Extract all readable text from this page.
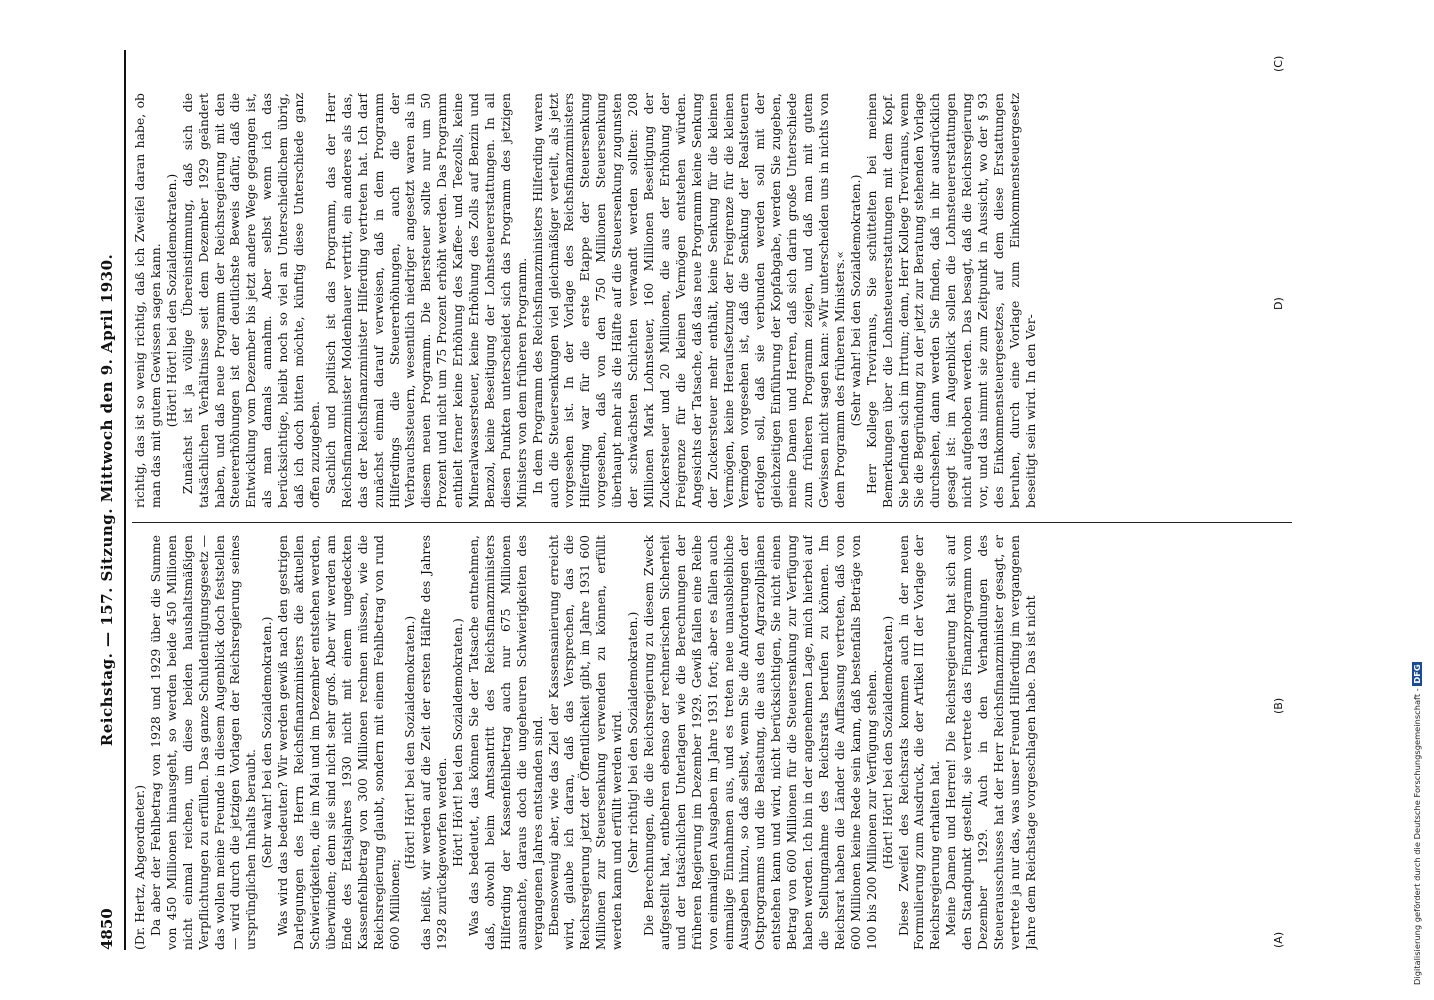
4850
Reichstag. — 157. Sitzung. Mittwoch den 9. April 1930.

(Dr. Hertz, Abgeordneter.) Da aber der Fehlbetrag von 1928 und 1929 über die Summe von 450 Millionen hinausgeht, so werden beide 450 Millionen nicht einmal reichen, um diese beiden haushaltsmäßigen Verpflichtungen zu erfüllen. Das ganze Schuldentilgungsgesetz — das wollen meine Freunde in diesem Augenblick doch feststellen — wird durch die jetzigen Vorlagen der Reichsregierung seines ursprünglichen Inhalts beraubt. (Sehr wahr! bei den Sozialdemokraten.) Was wird das bedeuten? Wir werden gewiß nach den gestrigen Darlegungen des Herrn Reichsfinanzministers die aktuellen Schwierigkeiten, die im Mai und im Dezember entstehen werden, überwinden; denn sie sind nicht sehr groß. Aber wir werden am Ende des Etatsjahres 1930 nicht mit einem ungedeckten Kassenfehlbetrag von 300 Millionen rechnen müssen, wie die Reichsregierung glaubt, sondern mit einem Fehlbetrag von rund 600 Millionen;

(Hört! Hört! bei den Sozialdemokraten.) das heißt, wir werden auf die Zeit der ersten Hälfte des Jahres 1928 zurückgeworfen werden. Hört! Hört! bei den Sozialdemokraten.) Was das bedeutet, das können Sie der Tatsache entnehmen, daß, obwohl beim Amtsantritt des Reichsfinanzministers Hilferding der Kassenfehlbetrag auch nur 675 Millionen ausmachte, daraus doch die ungeheuren Schwierigkeiten des vergangenen Jahres entstanden sind. Ebensowenig aber, wie das Ziel der Kassensanierung erreicht wird, glaube ich daran, daß das Versprechen, das die Reichsregierung jetzt der Öffentlichkeit gibt, im Jahre 1931 600 Millionen zur Steuersenkung verwenden zu können, erfüllt werden kann und erfüllt werden wird. (Sehr richtig! bei den Sozialdemokraten.) Die Berechnungen, die die Reichsregierung zu diesem Zweck aufgestellt hat, entbehren ebenso der rechnerischen Sicherheit und der tatsächlichen Unterlagen wie die Berechnungen der früheren Regierung im Dezember 1929. Gewiß fallen eine Reihe von einmaligen Ausgaben im Jahre 1931 fort; aber es fallen auch einmalige Einnahmen aus, und es treten neue unausbleibliche Ausgaben hinzu, so daß selbst, wenn Sie die Anforderungen der Ostprogramms und die Belastung, die aus den Agrarzollplänen entstehen kann und wird, nicht berücksichtigen, Sie nicht einen Betrag von 600 Millionen für die Steuersenkung zur Verfügung haben werden. Ich bin in der angenehmen Lage, mich hierbei auf die Stellungnahme des Reichsrats berufen zu können. Im Reichsrat haben die Länder die Auffassung vertreten, daß von 600 Millionen keine Rede sein kann, daß bestenfalls Beträge von 100 bis 200 Millionen zur Verfügung stehen. (Hört! Hört! bei den Sozialdemokraten.) Diese Zweifel des Reichsrats kommen auch in der neuen Formulierung zum Ausdruck, die der Artikel III der Vorlage der Reichsregierung erhalten hat. Meine Damen und Herren! Die Reichsregierung hat sich auf den Standpunkt gestellt, sie vertrete das Finanzprogramm vom Dezember 1929. Auch in den Verhandlungen des Steuerausschusses hat der Herr Reichsfinanzminister gesagt, er vertrete ja nur das, was unser Freund Hilferding im vergangenen Jahre dem Reichstage vorgeschlagen habe. Das ist nicht

richtig, das ist so wenig richtig, daß ich Zweifel daran habe, ob man das mit gutem Gewissen sagen kann. (Hört! Hört! bei den Sozialdemokraten.) Zunächst ist ja völlige Übereinstimmung, daß sich die tatsächlichen Verhältnisse seit dem Dezember 1929 geändert haben, und daß neue Programm der Reichsregierung mit den Steuererhöhungen ist der deutlichste Beweis dafür, daß die Entwicklung vom Dezember bis jetzt andere Wege gegangen ist, als man damals annahm. Aber selbst wenn ich das berücksichtige, bleibt noch so viel an Unterschiedlichem übrig, daß ich doch bitten möchte, künftig diese Unterschiede ganz offen zuzugeben. Sachlich und politisch ist das Programm, das der Herr Reichsfinanzminister Moldenhauer vertritt, ein anderes als das, das der Reichsfinanzminister Hilferding vertreten hat. Ich darf zunächst einmal darauf verweisen, daß in dem Programm Hilferdings die Steuererhöhungen, auch die der Verbrauchssteuern, wesentlich niedriger angesetzt waren als in diesem neuen Programm. Die Biersteuer sollte nur um 50 Prozent und nicht um 75 Prozent erhöht werden. Das Programm enthielt ferner keine Erhöhung des Kaffee- und Teezolls, keine Mineralwassersteuer, keine Erhöhung des Zolls auf Benzin und Benzol, keine Beseitigung der Lohnsteuererstattungen. In all diesen Punkten unterscheidet sich das Programm des jetzigen Ministers von dem früheren Programm. In dem Programm des Reichsfinanzministers Hilferding waren auch die Steuersenkungen viel gleichmäßiger verteilt, als jetzt vorgesehen ist. In der Vorlage des Reichsfinanzministers Hilferding war für die erste Etappe der Steuersenkung vorgesehen, daß von den 750 Millionen Steuersenkung überhaupt mehr als die Hälfte auf die Steuersenkung zugunsten der schwächsten Schichten verwandt werden sollten: 208 Millionen Mark Lohnsteuer, 160 Millionen Beseitigung der Zuckersteuer und 20 Millionen, die aus der Erhöhung der Freigrenze für die kleinen Vermögen entstehen würden. Angesichts der Tatsache, daß das neue Programm keine Senkung der Zuckersteuer mehr enthält, keine Senkung für die kleinen Vermögen, keine Heraufsetzung der Freigrenze für die kleinen Vermögen vorgesehen ist, daß die Senkung der Realsteuern erfolgen soll, daß sie verbunden werden soll mit der gleichzeitigen Einführung der Kopfabgabe, werden Sie zugeben, meine Damen und Herren, daß sich darin große Unterschiede zum früheren Programm zeigen, und daß man mit gutem Gewissen nicht sagen kann: »Wir unterscheiden uns in nichts von dem Programm des früheren Ministers.« (Sehr wahr! bei den Sozialdemokraten.) Herr Kollege Treviranus, Sie schüttelten bei meinen Bemerkungen über die Lohnsteuererstattungen mit dem Kopf. Sie befinden sich im Irrtum; denn, Herr Kollege Treviranus, wenn Sie die Begründung zu der jetzt zur Beratung stehenden Vorlage durchsehen, dann werden Sie finden, daß in ihr ausdrücklich gesagt ist: im Augenblick sollen die Lohnsteuererstattungen nicht aufgehoben werden. Das besagt, daß die Reichsregierung vor, und das nimmt sie zum Zeitpunkt in Aussicht, wo der § 93 des Einkommensteuergesetzes, auf dem diese Erstattungen beruhen, durch eine Vorlage zum Einkommensteuergesetz beseitigt sein wird. In den Ver-

(A)
(B)
(C)
D)
Digitalisierung gefördert durch die Deutsche Forschungsgemeinschaft - DFG
